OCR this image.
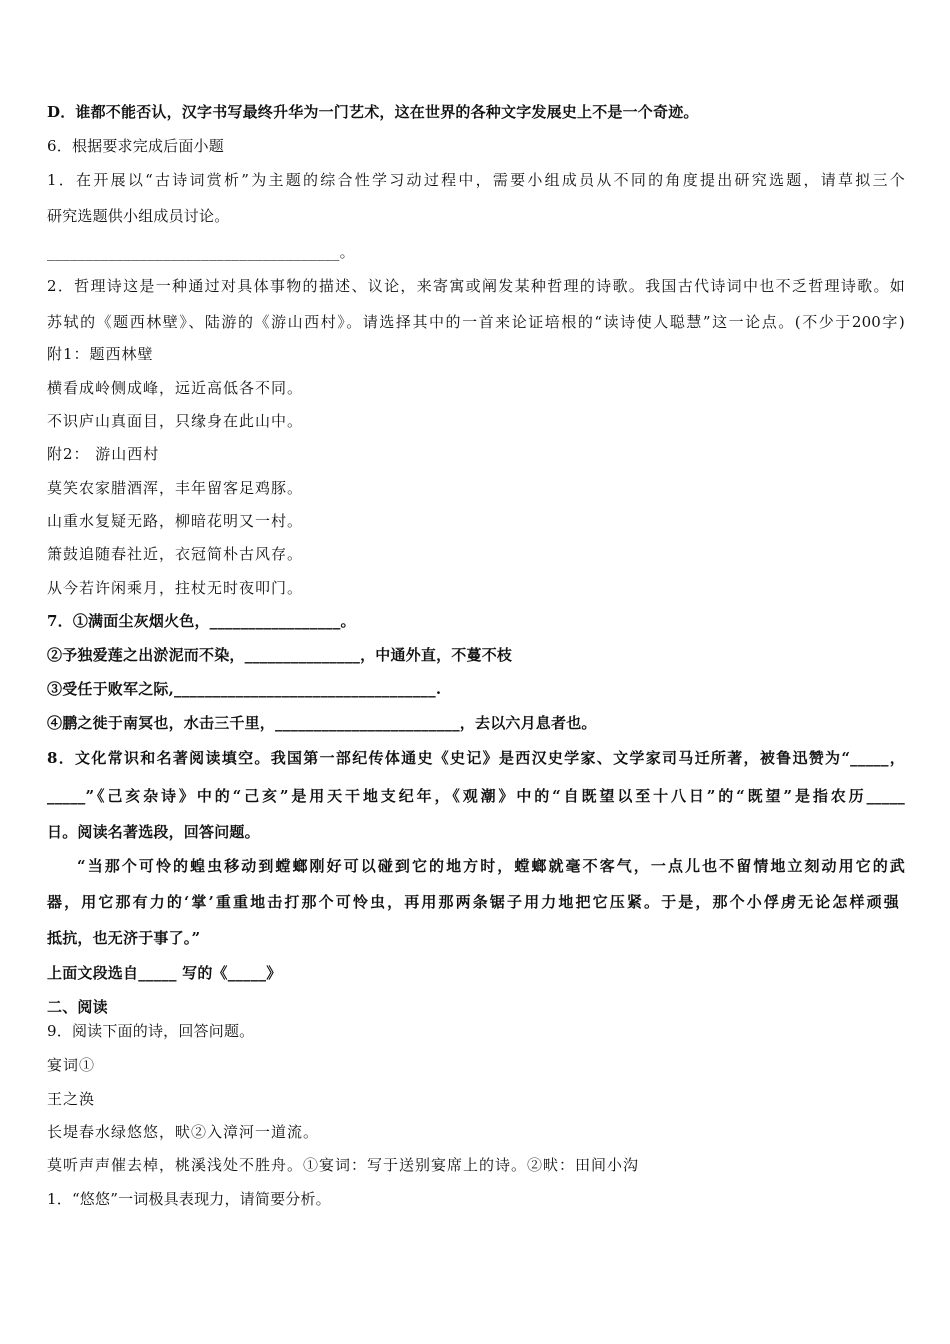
D．谁都不能否认，汉字书写最终升华为一门艺术，这在世界的各种文字发展史上不是一个奇迹。
6．根据要求完成后面小题
1．在开展以“古诗词赏析”为主题的综合性学习动过程中，需要小组成员从不同的角度提出研究选题，请草拟三个
研究选题供小组成员讨论。
______________________________________。
2．哲理诗这是一种通过对具体事物的描述、议论，来寄寓或阐发某种哲理的诗歌。我国古代诗词中也不乏哲理诗歌。如
苏轼的《题西林壁》、陆游的《游山西村》。请选择其中的一首来论证培根的“读诗使人聪慧”这一论点。(不少于200字)
附1：题西林壁
横看成岭侧成峰，远近高低各不同。
不识庐山真面目，只缘身在此山中。
附2： 游山西村
莫笑农家腊酒浑，丰年留客足鸡豚。
山重水复疑无路，柳暗花明又一村。
箫鼓追随春社近，衣冠简朴古风存。
从今若许闲乘月，拄杖无时夜叩门。
7．①满面尘灰烟火色，_________________。
②予独爱莲之出淤泥而不染，_______________，中通外直，不蔓不枝
③受任于败军之际,__________________________________.
④鹏之徙于南冥也，水击三千里，________________________，去以六月息者也。
8．文化常识和名著阅读填空。我国第一部纪传体通史《史记》是西汉史学家、文学家司马迁所著，被鲁迅赞为“_____，
_____”《己亥杂诗》中的“己亥”是用天干地支纪年，《观潮》中的“自既望以至十八日”的“既望”是指农历_____
日。阅读名著选段，回答问题。
“当那个可怜的蝗虫移动到螳螂刚好可以碰到它的地方时，螳螂就毫不客气，一点儿也不留情地立刻动用它的武
器，用它那有力的‘掌’重重地击打那个可怜虫，再用那两条锯子用力地把它压紧。于是，那个小俘虏无论怎样顽强
抵抗，也无济于事了。”
上面文段选自_____ 写的《_____》
二、阅读
9．阅读下面的诗，回答问题。
宴词①
王之涣
长堤春水绿悠悠，畎②入漳河一道流。
莫听声声催去棹，桃溪浅处不胜舟。①宴词：写于送别宴席上的诗。②畎：田间小沟
1．“悠悠”一词极具表现力，请简要分析。
